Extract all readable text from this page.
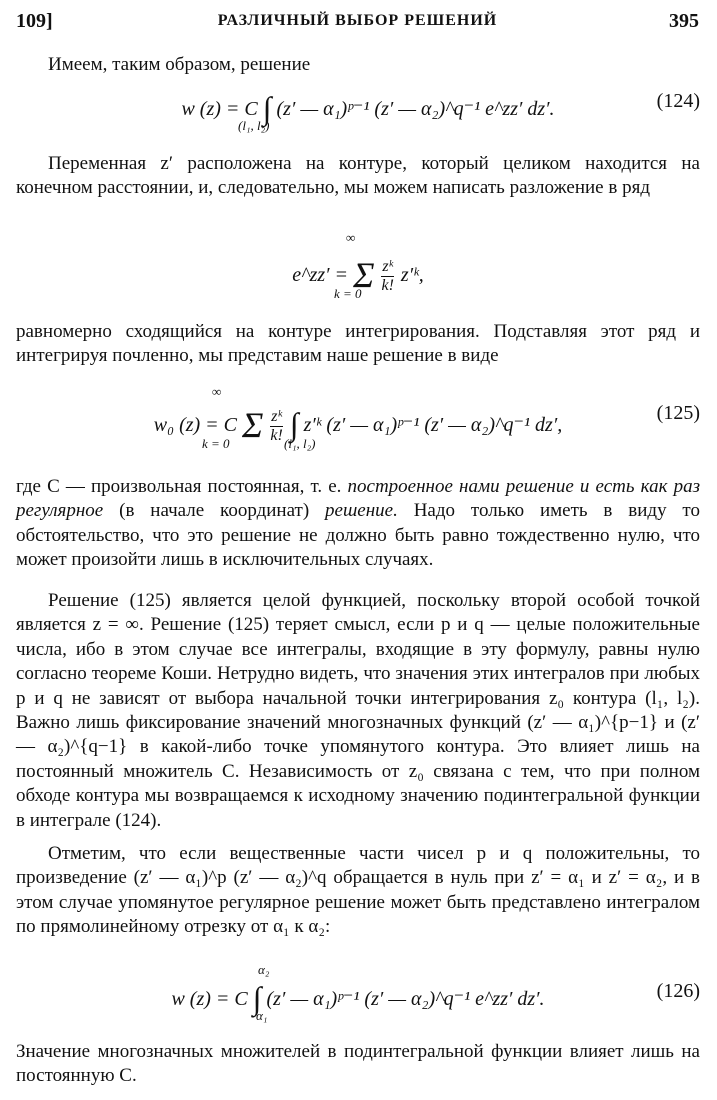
109]	РАЗЛИЧНЫЙ ВЫБОР РЕШЕНИЙ	395
Имеем, таким образом, решение
w (z) = C ∫ (z′ — α₁)ᵖ⁻¹ (z′ — α₂)^q⁻¹ e^zz′ dz′.
(l₁, l₂)
(124)
Переменная z′ расположена на контуре, который целиком находится на конечном расстоянии, и, следовательно, мы можем написать разложение в ряд
e^zz′ = Σ $\frac{\text{zᵏ}}{k!}$ z′ᵏ,
∞
k = 0
равномерно сходящийся на контуре интегрирования. Подставляя этот ряд и интегрируя почленно, мы представим наше решение в виде
w₀ (z) = C Σ $\frac{\text{zᵏ}}{k!}$ ∫ z′ᵏ (z′ — α₁)ᵖ⁻¹ (z′ — α₂)^q⁻¹ dz′,
∞
k = 0	(l₁, l₂)
(125)
где C — произвольная постоянная, т. е. построенное нами решение и есть как раз регулярное (в начале координат) решение. Надо только иметь в виду то обстоятельство, что это решение не должно быть равно тождественно нулю, что может произойти лишь в исключительных случаях.
Решение (125) является целой функцией, поскольку второй особой точкой является z = ∞. Решение (125) теряет смысл, если p и q — целые положительные числа, ибо в этом случае все интегралы, входящие в эту формулу, равны нулю согласно теореме Коши. Нетрудно видеть, что значения этих интегралов при любых p и q не зависят от выбора начальной точки интегрирования z₀ контура (l₁, l₂). Важно лишь фиксирование значений многозначных функций (z′ — α₁)^{p−1} и (z′ — α₂)^{q−1} в какой-либо точке упомянутого контура. Это влияет лишь на постоянный множитель C. Независимость от z₀ связана с тем, что при полном обходе контура мы возвращаемся к исходному значению подинтегральной функции в интеграле (124).
Отметим, что если вещественные части чисел p и q положительны, то произведение (z′ — α₁)^p (z′ — α₂)^q обращается в нуль при z′ = α₁ и z′ = α₂, и в этом случае упомянутое регулярное решение может быть представлено интегралом по прямолинейному отрезку от α₁ к α₂:
w (z) = C ∫ (z′ — α₁)ᵖ⁻¹ (z′ — α₂)^q⁻¹ e^zz′ dz′.
α₂
α₁
(126)
Значение многозначных множителей в подинтегральной функции влияет лишь на постоянную C.
